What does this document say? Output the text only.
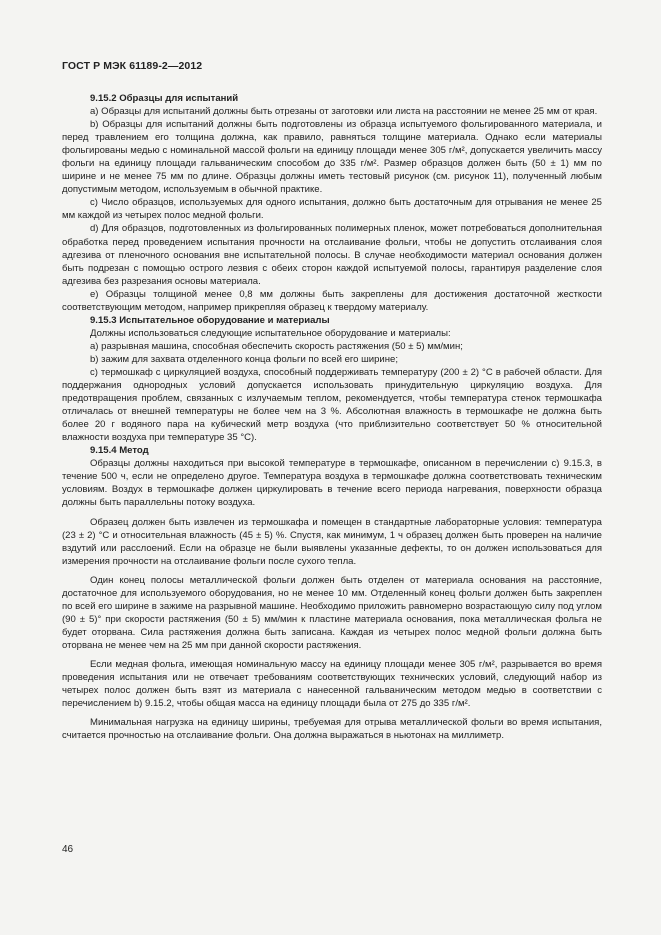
ГОСТ Р МЭК 61189-2—2012

9.15.2 Образцы для испытаний

a) Образцы для испытаний должны быть отрезаны от заготовки или листа на расстоянии не менее 25 мм от края.

b) Образцы для испытаний должны быть подготовлены из образца испытуемого фольгированного материала, и перед травлением его толщина должна, как правило, равняться толщине материала. Однако если материалы фольгированы медью с номинальной массой фольги на единицу площади менее 305 г/м², допускается увеличить массу фольги на единицу площади гальваническим способом до 335 г/м². Размер образцов должен быть (50 ± 1) мм по ширине и не менее 75 мм по длине. Образцы должны иметь тестовый рисунок (см. рисунок 11), полученный любым допустимым методом, используемым в обычной практике.

c) Число образцов, используемых для одного испытания, должно быть достаточным для отрывания не менее 25 мм каждой из четырех полос медной фольги.

d) Для образцов, подготовленных из фольгированных полимерных пленок, может потребоваться дополнительная обработка перед проведением испытания прочности на отслаивание фольги, чтобы не допустить отслаивания слоя адгезива от пленочного основания вне испытательной полосы. В случае необходимости материал основания должен быть подрезан с помощью острого лезвия с обеих сторон каждой испытуемой полосы, гарантируя разделение слоя адгезива без разрезания основы материала.

e) Образцы толщиной менее 0,8 мм должны быть закреплены для достижения достаточной жесткости соответствующим методом, например прикрепляя образец к твердому материалу.

9.15.3 Испытательное оборудование и материалы

Должны использоваться следующие испытательное оборудование и материалы:

a) разрывная машина, способная обеспечить скорость растяжения (50 ± 5) мм/мин;

b) зажим для захвата отделенного конца фольги по всей его ширине;

c) термошкаф с циркуляцией воздуха, способный поддерживать температуру (200 ± 2) °C в рабочей области. Для поддержания однородных условий допускается использовать принудительную циркуляцию воздуха. Для предотвращения проблем, связанных с излучаемым теплом, рекомендуется, чтобы температура стенок термошкафа отличалась от внешней температуры не более чем на 3 %. Абсолютная влажность в термошкафе не должна быть более 20 г водяного пара на кубический метр воздуха (что приблизительно соответствует 50 % относительной влажности воздуха при температуре 35 °C).

9.15.4 Метод

Образцы должны находиться при высокой температуре в термошкафе, описанном в перечислении c) 9.15.3, в течение 500 ч, если не определено другое. Температура воздуха в термошкафе должна соответствовать техническим условиям. Воздух в термошкафе должен циркулировать в течение всего периода нагревания, поверхности образца должны быть параллельны потоку воздуха.

Образец должен быть извлечен из термошкафа и помещен в стандартные лабораторные условия: температура (23 ± 2) °C и относительная влажность (45 ± 5) %. Спустя, как минимум, 1 ч образец должен быть проверен на наличие вздутий или расслоений. Если на образце не были выявлены указанные дефекты, то он должен использоваться для измерения прочности на отслаивание фольги после сухого тепла.

Один конец полосы металлической фольги должен быть отделен от материала основания на расстояние, достаточное для используемого оборудования, но не менее 10 мм. Отделенный конец фольги должен быть закреплен по всей его ширине в зажиме на разрывной машине. Необходимо приложить равномерно возрастающую силу под углом (90 ± 5)° при скорости растяжения (50 ± 5) мм/мин к пластине материала основания, пока металлическая фольга не будет оторвана. Сила растяжения должна быть записана. Каждая из четырех полос медной фольги должна быть оторвана не менее чем на 25 мм при данной скорости растяжения.

Если медная фольга, имеющая номинальную массу на единицу площади менее 305 г/м², разрывается во время проведения испытания или не отвечает требованиям соответствующих технических условий, следующий набор из четырех полос должен быть взят из материала с нанесенной гальваническим методом медью в соответствии с перечислением b) 9.15.2, чтобы общая масса на единицу площади была от 275 до 335 г/м².

Минимальная нагрузка на единицу ширины, требуемая для отрыва металлической фольги во время испытания, считается прочностью на отслаивание фольги. Она должна выражаться в ньютонах на миллиметр.

46
